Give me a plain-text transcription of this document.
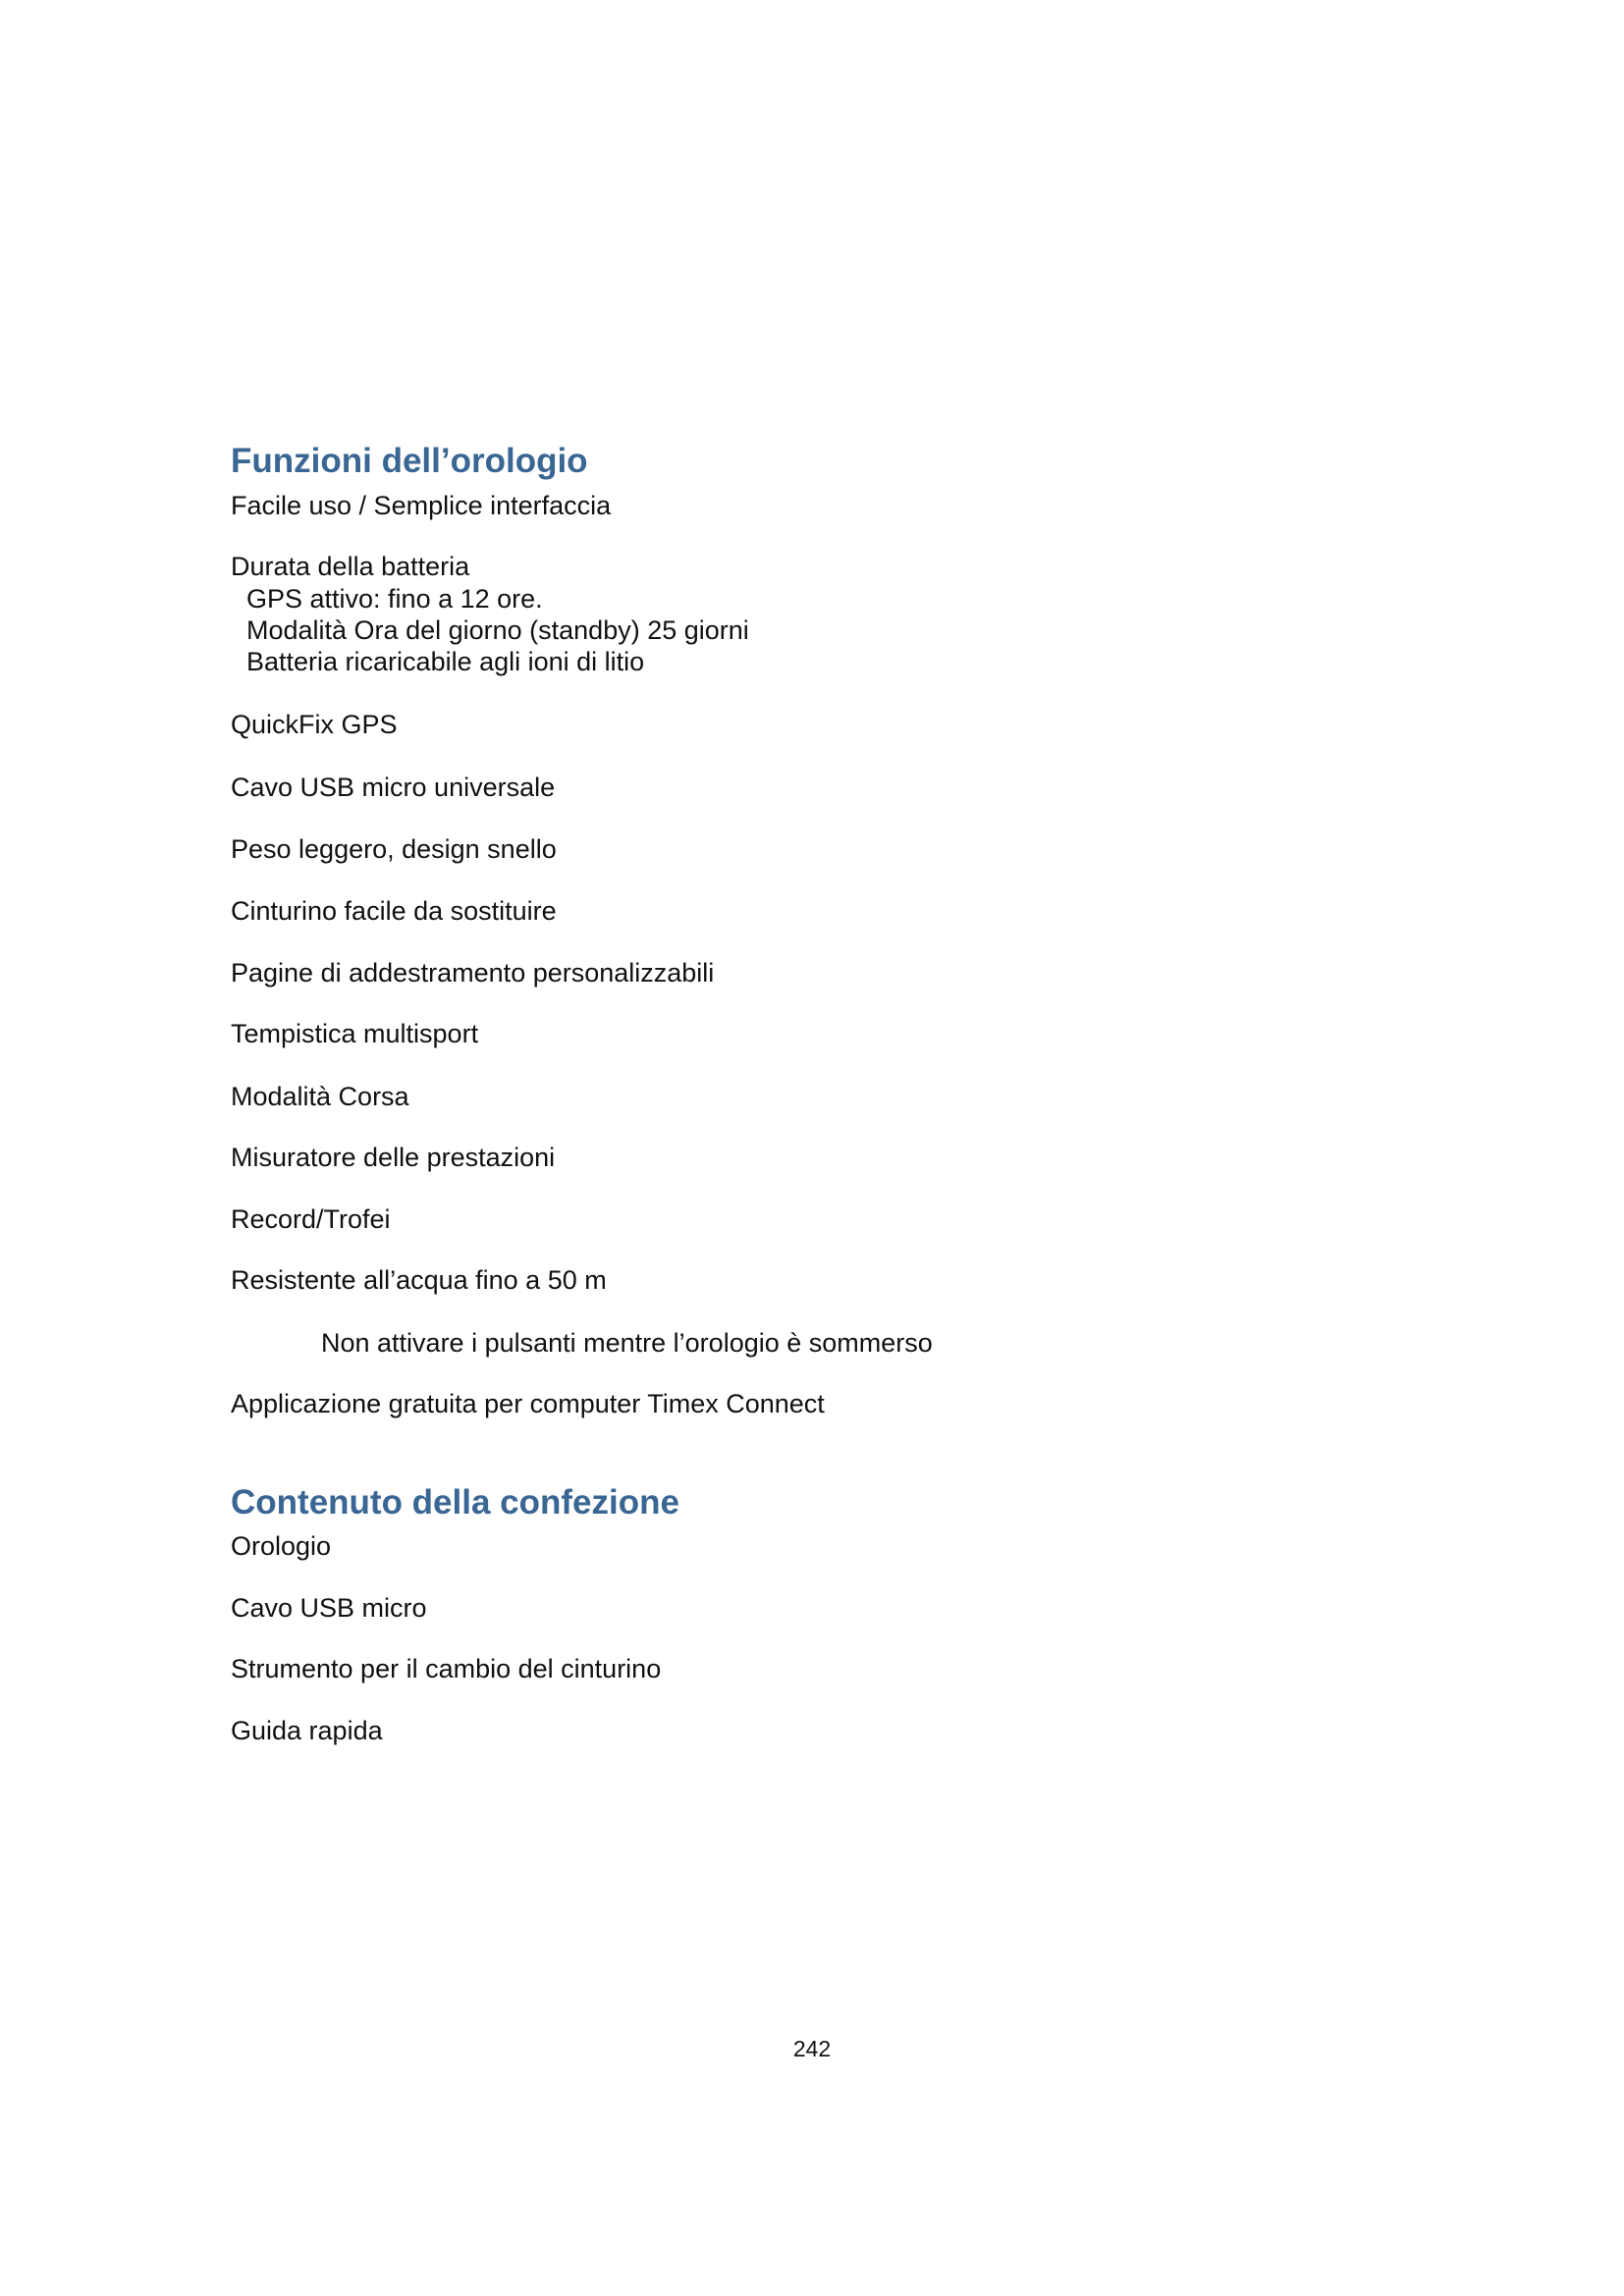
Funzioni dell’orologio

Facile uso / Semplice interfaccia

Durata della batteria

GPS attivo: fino a 12 ore.

Modalità Ora del giorno (standby) 25 giorni

Batteria ricaricabile agli ioni di litio

QuickFix GPS

Cavo USB micro universale

Peso leggero, design snello

Cinturino facile da sostituire

Pagine di addestramento personalizzabili

Tempistica multisport

Modalità Corsa

Misuratore delle prestazioni

Record/Trofei

Resistente all’acqua fino a 50 m

Non attivare i pulsanti mentre l’orologio è sommerso

Applicazione gratuita per computer Timex Connect

Contenuto della confezione

Orologio

Cavo USB micro

Strumento per il cambio del cinturino

Guida rapida

242
